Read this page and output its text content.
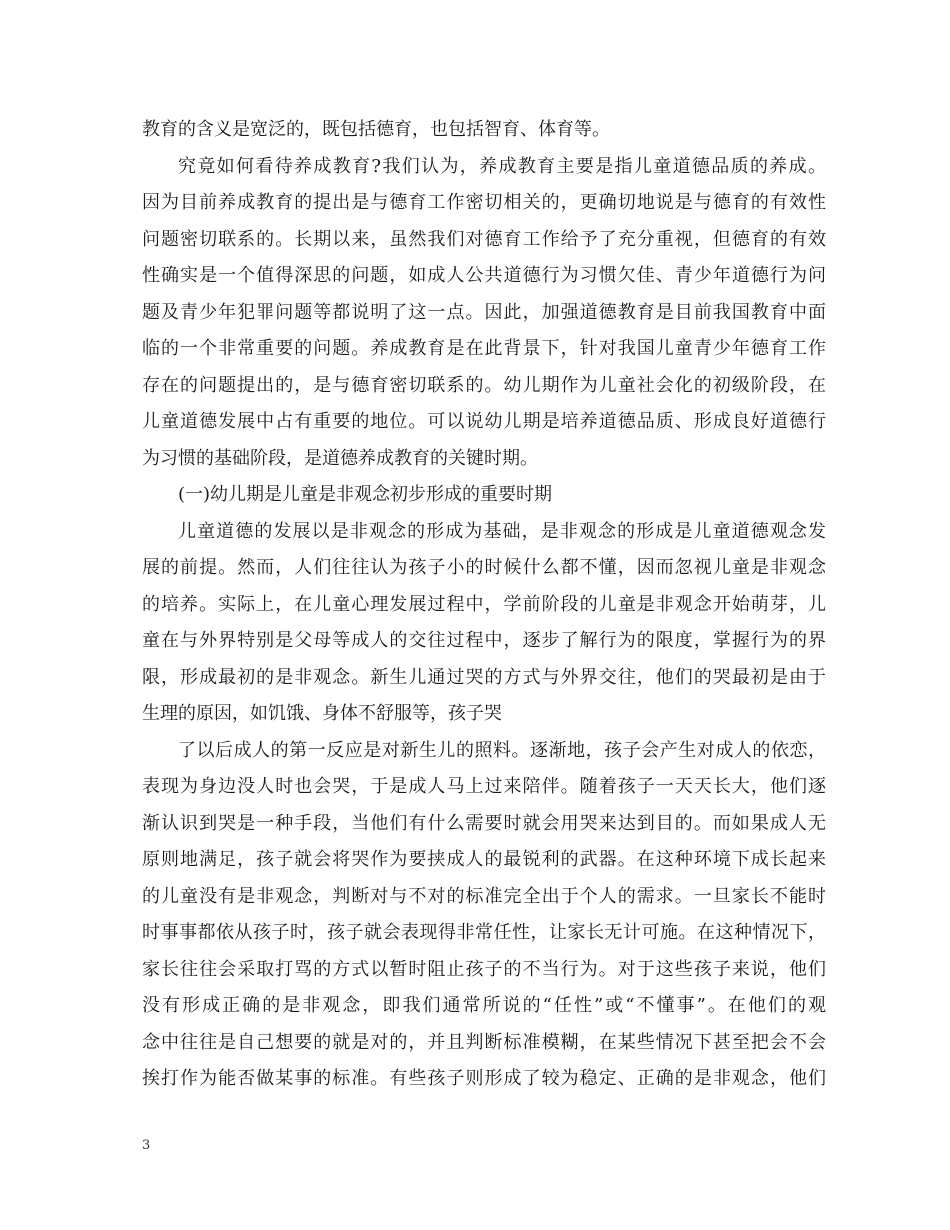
教育的含义是宽泛的，既包括德育，也包括智育、体育等。
究竟如何看待养成教育?我们认为，养成教育主要是指儿童道德品质的养成。
因为目前养成教育的提出是与德育工作密切相关的，更确切地说是与德育的有效性
问题密切联系的。长期以来，虽然我们对德育工作给予了充分重视，但德育的有效
性确实是一个值得深思的问题，如成人公共道德行为习惯欠佳、青少年道德行为问
题及青少年犯罪问题等都说明了这一点。因此，加强道德教育是目前我国教育中面
临的一个非常重要的问题。养成教育是在此背景下，针对我国儿童青少年德育工作
存在的问题提出的，是与德育密切联系的。幼儿期作为儿童社会化的初级阶段，在
儿童道德发展中占有重要的地位。可以说幼儿期是培养道德品质、形成良好道德行
为习惯的基础阶段，是道德养成教育的关键时期。
(一)幼儿期是儿童是非观念初步形成的重要时期
儿童道德的发展以是非观念的形成为基础，是非观念的形成是儿童道德观念发
展的前提。然而，人们往往认为孩子小的时候什么都不懂，因而忽视儿童是非观念
的培养。实际上，在儿童心理发展过程中，学前阶段的儿童是非观念开始萌芽，儿
童在与外界特别是父母等成人的交往过程中，逐步了解行为的限度，掌握行为的界
限，形成最初的是非观念。新生儿通过哭的方式与外界交往，他们的哭最初是由于
生理的原因，如饥饿、身体不舒服等，孩子哭
了以后成人的第一反应是对新生儿的照料。逐渐地，孩子会产生对成人的依恋，
表现为身边没人时也会哭，于是成人马上过来陪伴。随着孩子一天天长大，他们逐
渐认识到哭是一种手段，当他们有什么需要时就会用哭来达到目的。而如果成人无
原则地满足，孩子就会将哭作为要挟成人的最锐利的武器。在这种环境下成长起来
的儿童没有是非观念，判断对与不对的标准完全出于个人的需求。一旦家长不能时
时事事都依从孩子时，孩子就会表现得非常任性，让家长无计可施。在这种情况下，
家长往往会采取打骂的方式以暂时阻止孩子的不当行为。对于这些孩子来说，他们
没有形成正确的是非观念，即我们通常所说的“任性”或“不懂事”。在他们的观
念中往往是自己想要的就是对的，并且判断标准模糊，在某些情况下甚至把会不会
挨打作为能否做某事的标准。有些孩子则形成了较为稳定、正确的是非观念，他们
3
